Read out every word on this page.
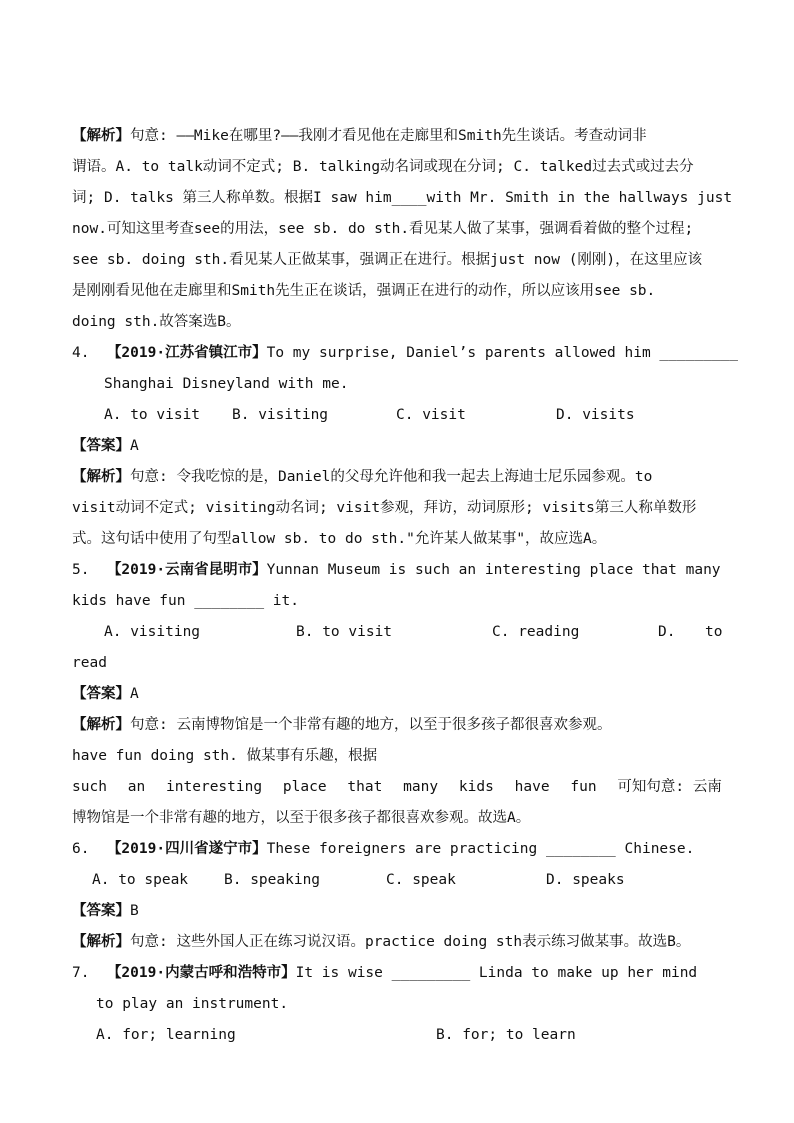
【解析】句意: ——Mike在哪里?——我刚才看见他在走廊里和Smith先生谈话。考查动词非
谓语。A. to talk动词不定式; B. talking动名词或现在分词; C. talked过去式或过去分
词; D. talks 第三人称单数。根据I saw him____with Mr. Smith in the hallways just
now.可知这里考查see的用法，see sb. do sth.看见某人做了某事，强调看着做的整个过程;
see sb. doing sth.看见某人正做某事，强调正在进行。根据just now (刚刚)，在这里应该
是刚刚看见他在走廊里和Smith先生正在谈话，强调正在进行的动作，所以应该用see sb.
doing sth.故答案选B。
4. 【2019·江苏省镇江市】To my surprise, Daniel’s parents allowed him _________
Shanghai Disneyland with me.
A. to visit B. visiting	C. visit	D. visits
【答案】A
【解析】句意: 令我吃惊的是，Daniel的父母允许他和我一起去上海迪士尼乐园参观。to
visit动词不定式; visiting动名词; visit参观，拜访，动词原形; visits第三人称单数形
式。这句话中使用了句型allow sb. to do sth."允许某人做某事"，故应选A。
5. 【2019·云南省昆明市】Yunnan Museum is such an interesting place that many
kids have fun ________ it.
A. visiting	B. to visit	C. reading	D. to
read
【答案】A
【解析】句意: 云南博物馆是一个非常有趣的地方，以至于很多孩子都很喜欢参观。
have fun doing sth. 做某事有乐趣，根据
such an interesting place that many kids have fun 可知句意: 云南
博物馆是一个非常有趣的地方，以至于很多孩子都很喜欢参观。故选A。
6. 【2019·四川省遂宁市】These foreigners are practicing ________ Chinese.
A. to speak B. speaking	C. speak	D. speaks
【答案】B
【解析】句意: 这些外国人正在练习说汉语。practice doing sth表示练习做某事。故选B。
7. 【2019·内蒙古呼和浩特市】It is wise _________ Linda to make up her mind
to play an instrument.
A. for; learning	B. for; to learn
